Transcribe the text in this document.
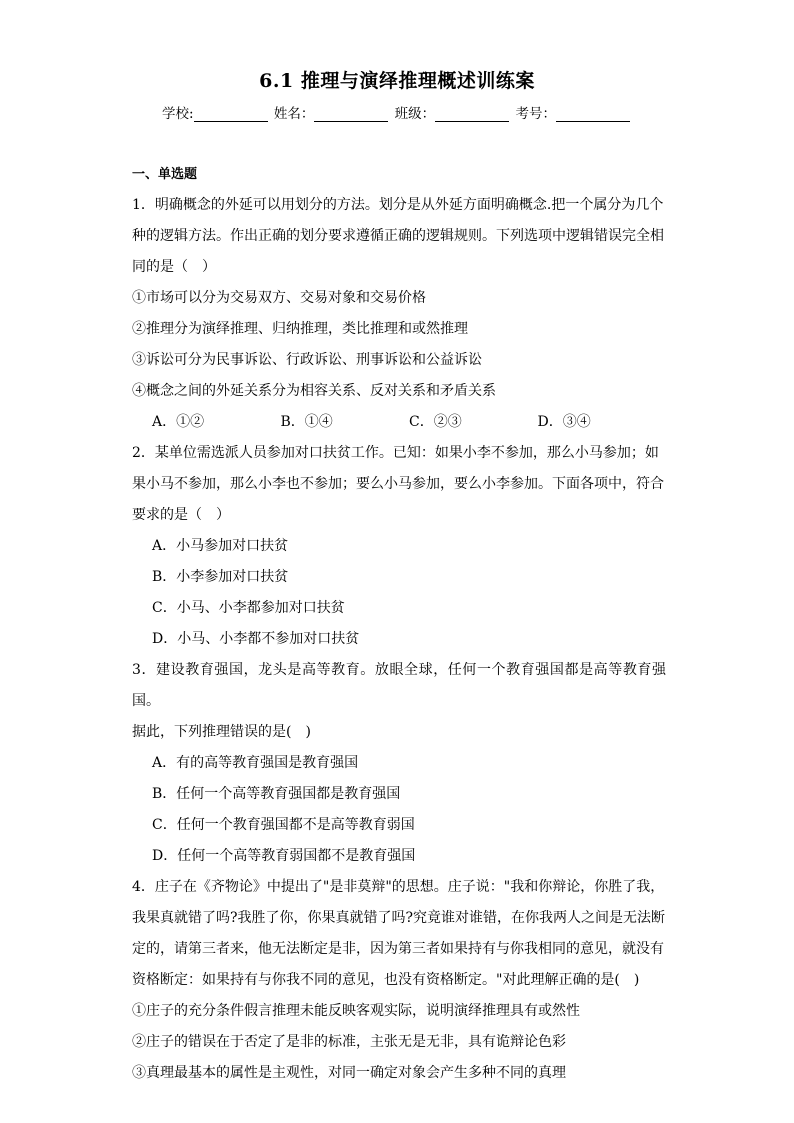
6.1 推理与演绎推理概述训练案
学校:	姓名：	班级：	考号：
一、单选题

1．明确概念的外延可以用划分的方法。划分是从外延方面明确概念.把一个属分为几个

种的逻辑方法。作出正确的划分要求遵循正确的逻辑规则。下列选项中逻辑错误完全相

同的是（　）

①市场可以分为交易双方、交易对象和交易价格

②推理分为演绎推理、归纳推理，类比推理和或然推理

③诉讼可分为民事诉讼、行政诉讼、刑事诉讼和公益诉讼

④概念之间的外延关系分为相容关系、反对关系和矛盾关系

A．①②	B．①④	C．②③	D．③④

2．某单位需选派人员参加对口扶贫工作。已知：如果小李不参加，那么小马参加；如

果小马不参加，那么小李也不参加；要么小马参加，要么小李参加。下面各项中，符合

要求的是（　）

A．小马参加对口扶贫

B．小李参加对口扶贫

C．小马、小李都参加对口扶贫

D．小马、小李都不参加对口扶贫

3．建设教育强国，龙头是高等教育。放眼全球，任何一个教育强国都是高等教育强国。

据此，下列推理错误的是(　)

A．有的高等教育强国是教育强国

B．任何一个高等教育强国都是教育强国

C．任何一个教育强国都不是高等教育弱国

D．任何一个高等教育弱国都不是教育强国

4．庄子在《齐物论》中提出了"是非莫辩"的思想。庄子说："我和你辩论，你胜了我，

我果真就错了吗?我胜了你，你果真就错了吗?究竟谁对谁错，在你我两人之间是无法断

定的，请第三者来，他无法断定是非，因为第三者如果持有与你我相同的意见，就没有

资格断定：如果持有与你我不同的意见，也没有资格断定。"对此理解正确的是(　)

①庄子的充分条件假言推理未能反映客观实际，说明演绎推理具有或然性

②庄子的错误在于否定了是非的标准，主张无是无非，具有诡辩论色彩

③真理最基本的属性是主观性，对同一确定对象会产生多种不同的真理
